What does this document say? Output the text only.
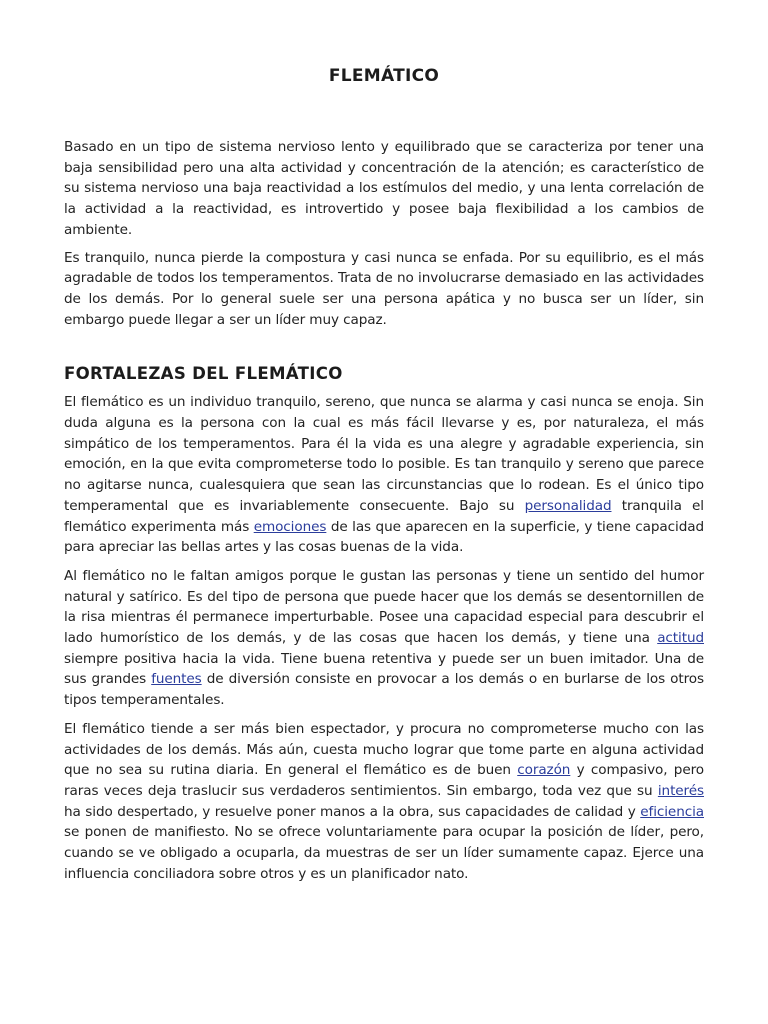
FLEMÁTICO

Basado en un tipo de sistema nervioso lento y equilibrado que se caracteriza por tener una baja sensibilidad pero una alta actividad y concentración de la atención; es característico de su sistema nervioso una baja reactividad a los estímulos del medio, y una lenta correlación de la actividad a la reactividad, es introvertido y posee baja flexibilidad a los cambios de ambiente.

Es tranquilo, nunca pierde la compostura y casi nunca se enfada. Por su equilibrio, es el más agradable de todos los temperamentos. Trata de no involucrarse demasiado en las actividades de los demás. Por lo general suele ser una persona apática y no busca ser un líder, sin embargo puede llegar a ser un líder muy capaz.

FORTALEZAS DEL FLEMÁTICO

El flemático es un individuo tranquilo, sereno, que nunca se alarma y casi nunca se enoja. Sin duda alguna es la persona con la cual es más fácil llevarse y es, por naturaleza, el más simpático de los temperamentos. Para él la vida es una alegre y agradable experiencia, sin emoción, en la que evita comprometerse todo lo posible. Es tan tranquilo y sereno que parece no agitarse nunca, cualesquiera que sean las circunstancias que lo rodean. Es el único tipo temperamental que es invariablemente consecuente. Bajo su personalidad tranquila el flemático experimenta más emociones de las que aparecen en la superficie, y tiene capacidad para apreciar las bellas artes y las cosas buenas de la vida.

Al flemático no le faltan amigos porque le gustan las personas y tiene un sentido del humor natural y satírico. Es del tipo de persona que puede hacer que los demás se desentornillen de la risa mientras él permanece imperturbable. Posee una capacidad especial para descubrir el lado humorístico de los demás, y de las cosas que hacen los demás, y tiene una actitud siempre positiva hacia la vida. Tiene buena retentiva y puede ser un buen imitador. Una de sus grandes fuentes de diversión consiste en provocar a los demás o en burlarse de los otros tipos temperamentales.

El flemático tiende a ser más bien espectador, y procura no comprometerse mucho con las actividades de los demás. Más aún, cuesta mucho lograr que tome parte en alguna actividad que no sea su rutina diaria. En general el flemático es de buen corazón y compasivo, pero raras veces deja traslucir sus verdaderos sentimientos. Sin embargo, toda vez que su interés ha sido despertado, y resuelve poner manos a la obra, sus capacidades de calidad y eficiencia se ponen de manifiesto. No se ofrece voluntariamente para ocupar la posición de líder, pero, cuando se ve obligado a ocuparla, da muestras de ser un líder sumamente capaz. Ejerce una influencia conciliadora sobre otros y es un planificador nato.
